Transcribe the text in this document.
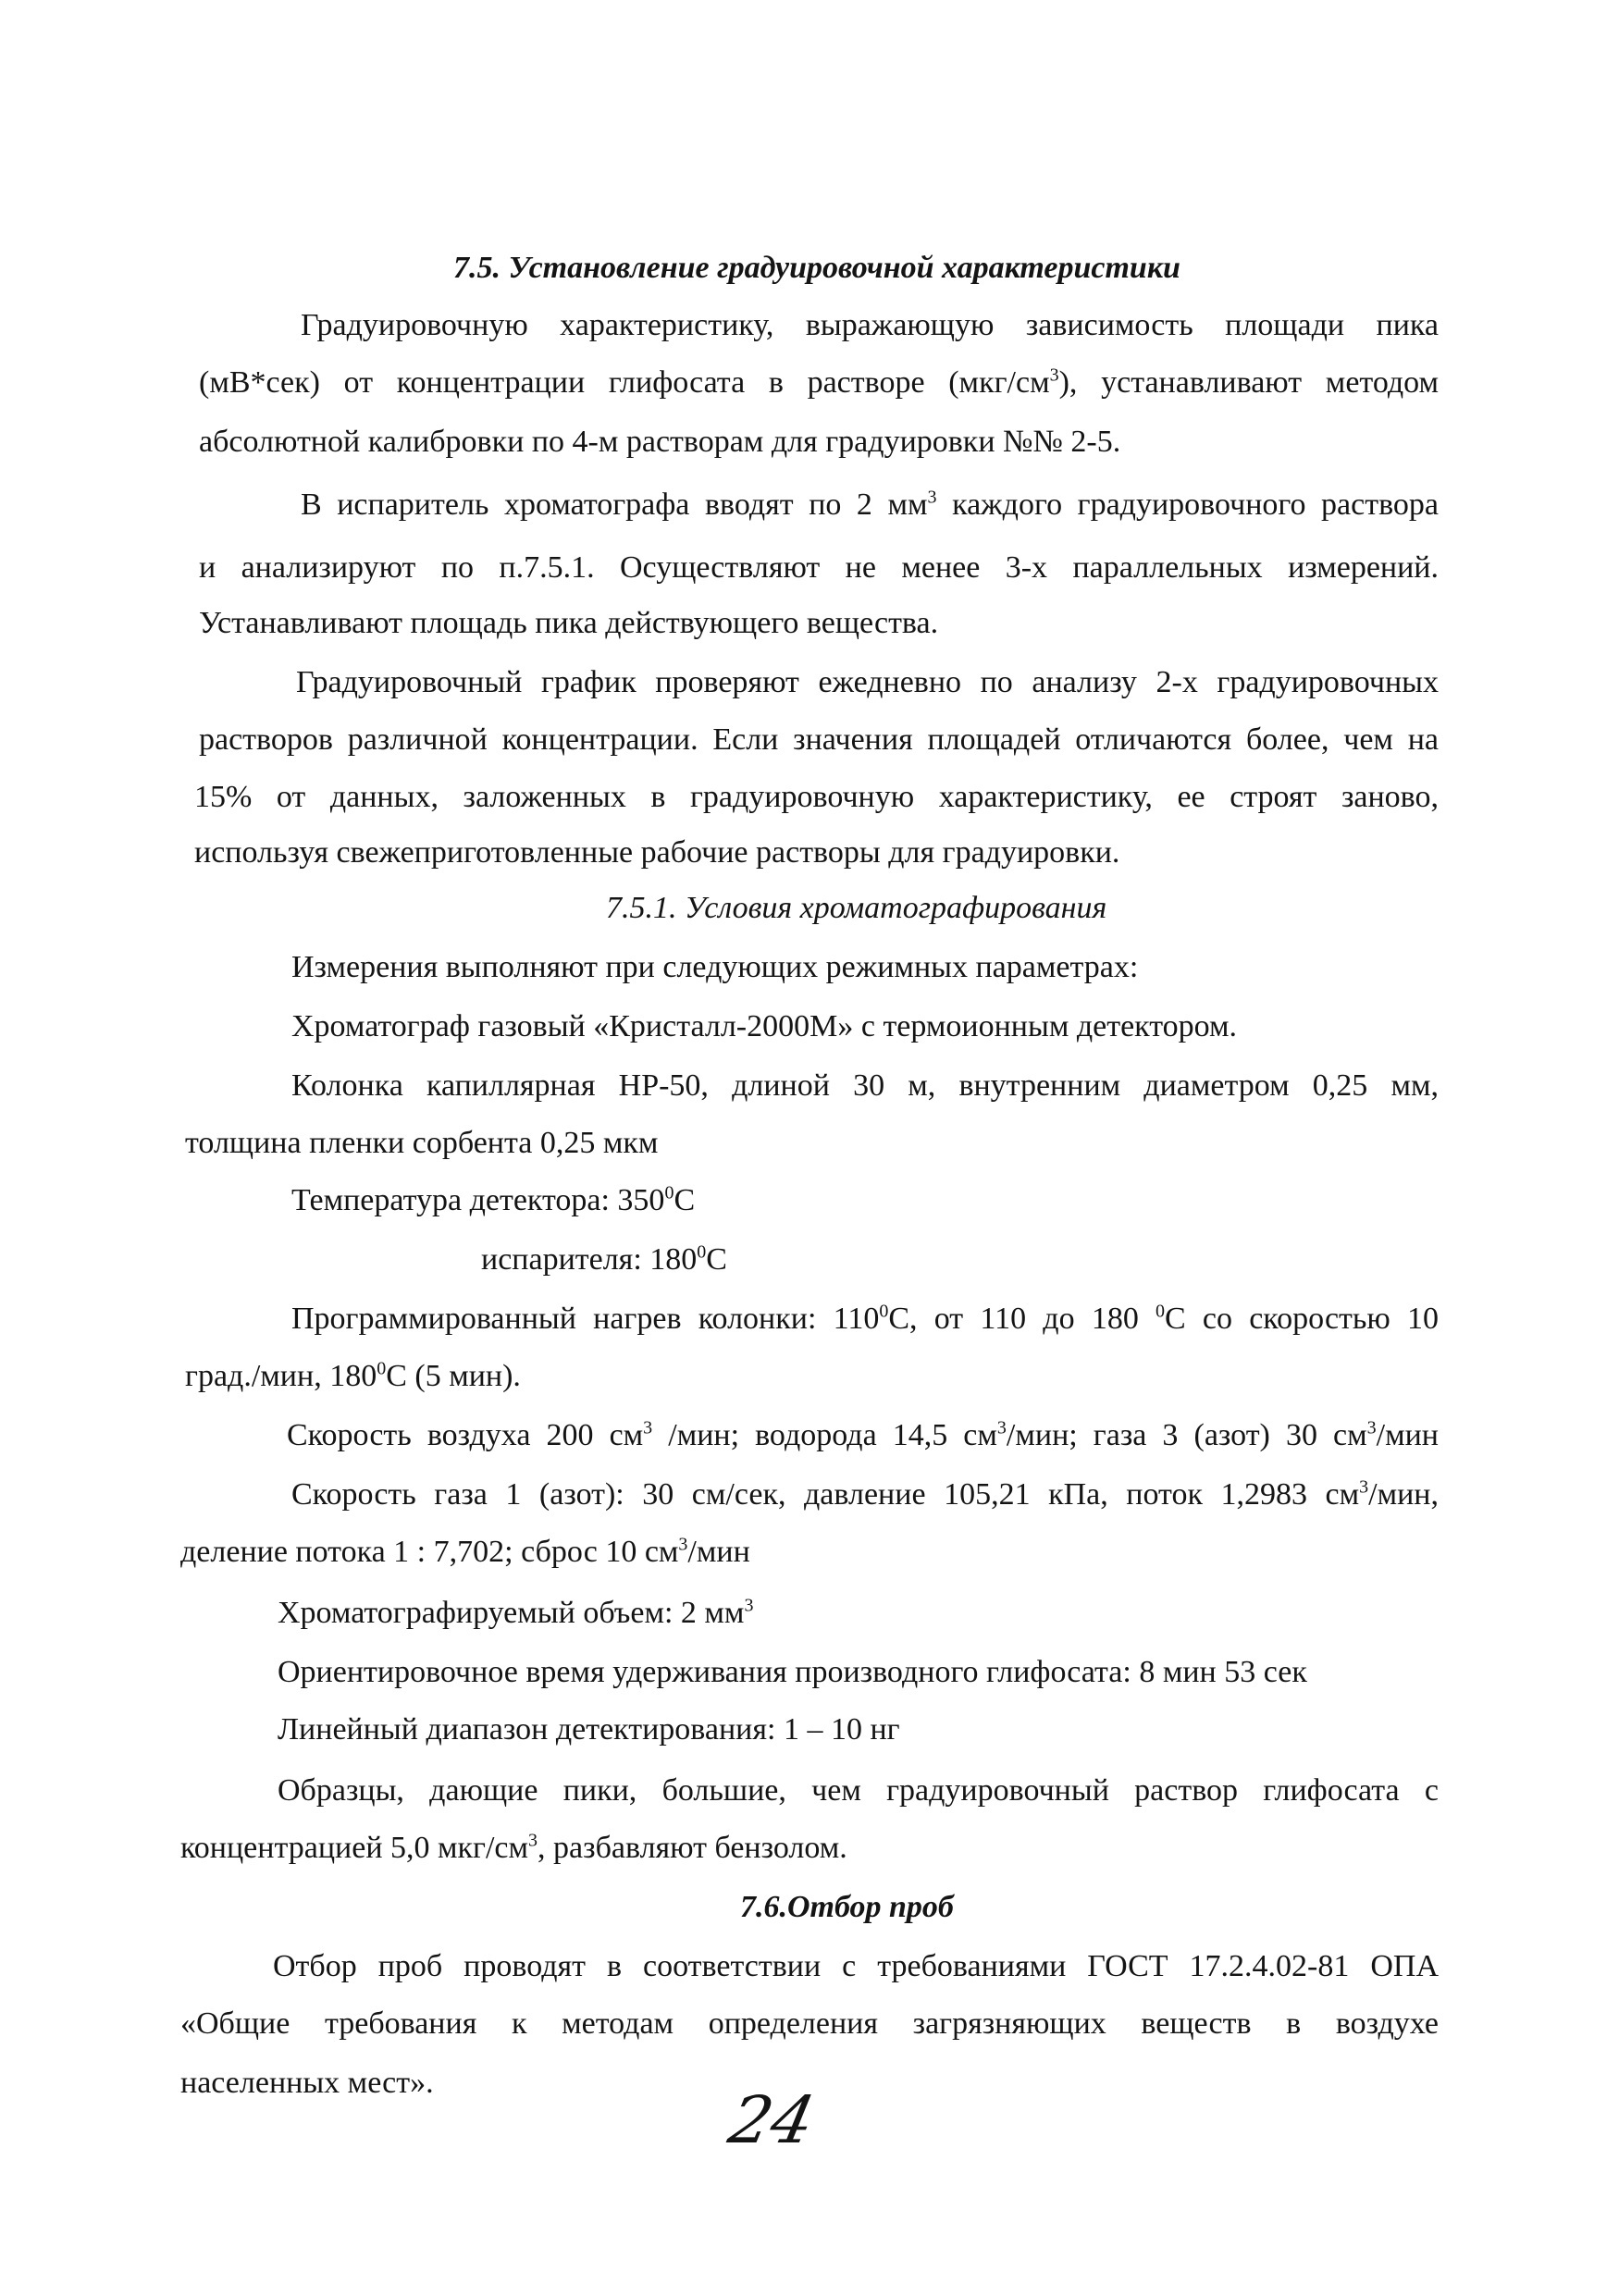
7.5. Установление градуировочной характеристики
Градуировочную характеристику, выражающую зависимость площади пика
(мВ*сек) от концентрации глифосата в растворе $(мкг/см^3)$, устанавливают методом
абсолютной калибровки по 4-м растворам для градуировки №№ 2-5.
В испаритель хроматографа вводят по 2 $мм^3$ каждого градуировочного раствора
и анализируют по п.7.5.1. Осуществляют не менее 3-х параллельных измерений.
Устанавливают площадь пика действующего вещества.
Градуировочный график проверяют ежедневно по анализу 2-х градуировочных
растворов различной концентрации. Если значения площадей отличаются более, чем на
15% от данных, заложенных в градуировочную характеристику, ее строят заново,
используя свежеприготовленные рабочие растворы для градуировки.
7.5.1. Условия хроматографирования
Измерения выполняют при следующих режимных параметрах:
Хроматограф газовый «Кристалл-2000М» с термоионным детектором.
Колонка капиллярная HP-50, длиной 30 м, внутренним диаметром 0,25 мм,
толщина пленки сорбента 0,25 мкм
Температура детектора: $350^0С$
испарителя: $180^0С$
Программированный нагрев колонки: $110^0С$, от 110 до 180 $^0$С со скоростью 10
град./мин, $180^0С$ (5 мин).
Скорость воздуха 200 $см^3$ /мин; водорода 14,5 $см^3$/мин; газа 3 (азот) 30 $см^3$/мин
Скорость газа 1 (азот): 30 см/сек, давление 105,21 кПа, поток 1,2983 $см^3$/мин,
деление потока 1 : 7,702; сброс 10 $см^3$/мин
Хроматографируемый объем: 2 $мм^3$
Ориентировочное время удерживания производного глифосата: 8 мин 53 сек
Линейный диапазон детектирования: 1 – 10 нг
Образцы, дающие пики, большие, чем градуировочный раствор глифосата с
концентрацией 5,0 мкг/$см^3$, разбавляют бензолом.
7.6.Отбор проб
Отбор проб проводят в соответствии с требованиями ГОСТ 17.2.4.02-81 ОПА
«Общие требования к методам определения загрязняющих веществ в воздухе
населенных мест».	24
